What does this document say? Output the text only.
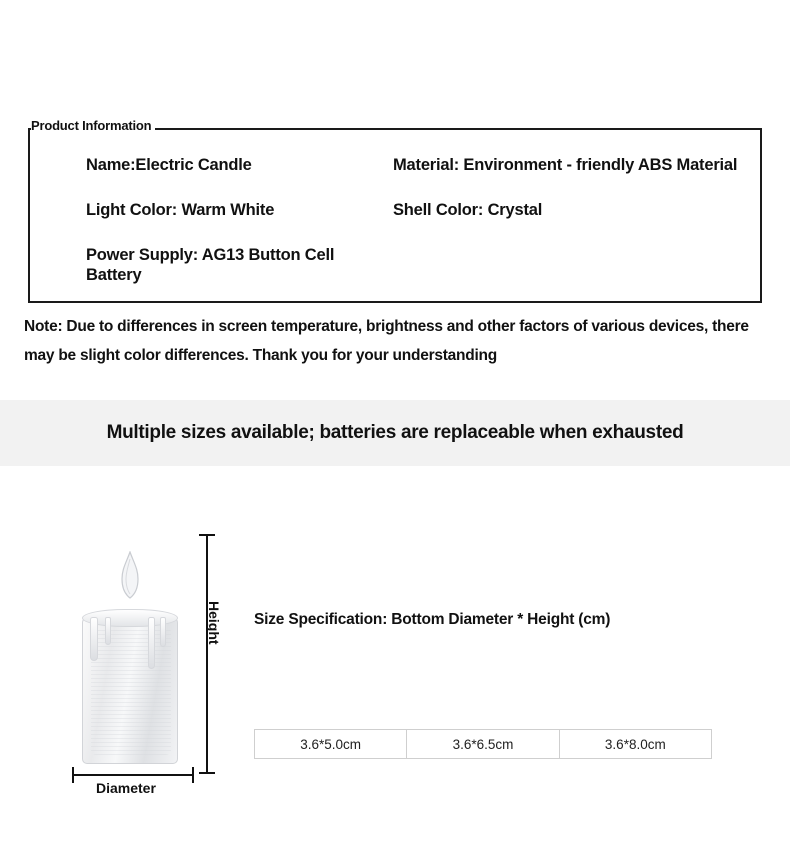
Product Information
Name:Electric Candle	Material: Environment - friendly ABS Material
Light Color: Warm White	Shell Color: Crystal
Power Supply: AG13 Button Cell Battery
Note: Due to differences in screen temperature, brightness and other factors of various devices, there may be slight color differences. Thank you for your understanding
Multiple sizes available; batteries are replaceable when exhausted
Height
Diameter
Size Specification: Bottom Diameter * Height (cm)
3.6*5.0cm	3.6*6.5cm	3.6*8.0cm
